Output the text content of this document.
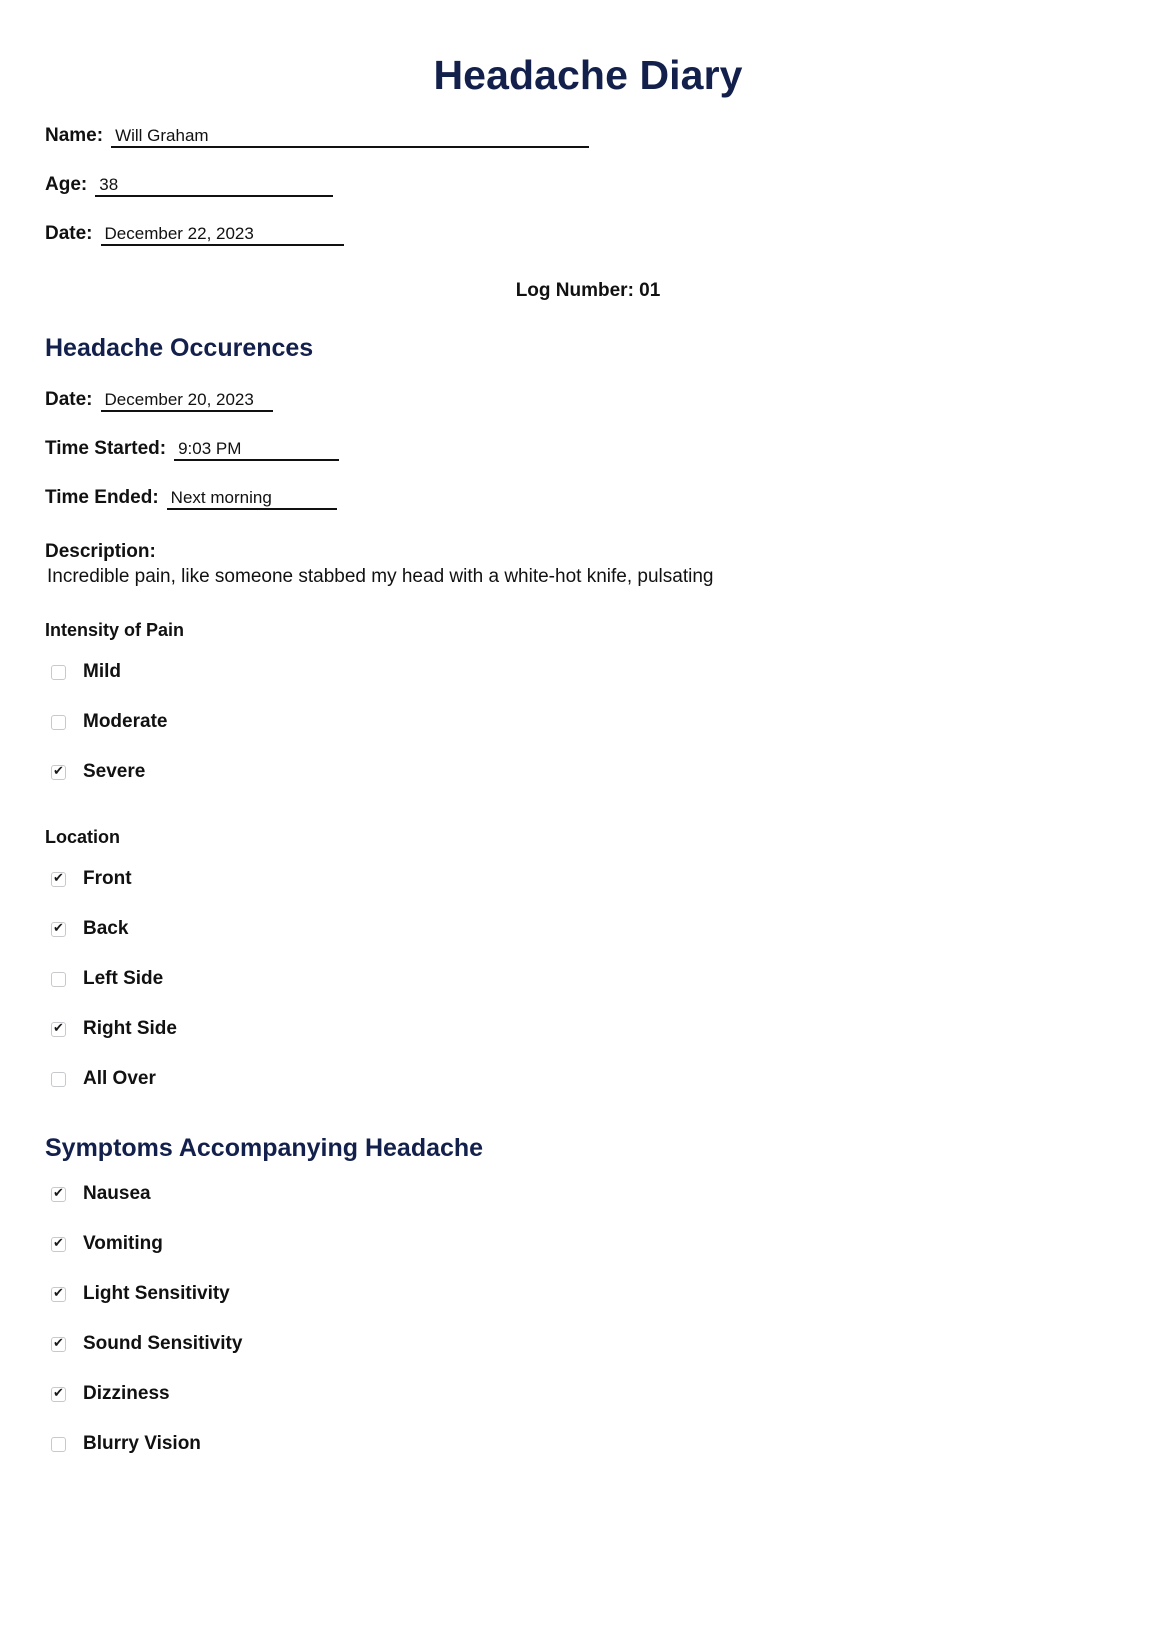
Headache Diary
Name: Will Graham
Age: 38
Date: December 22, 2023
Log Number: 01
Headache Occurences
Date: December 20, 2023
Time Started: 9:03 PM
Time Ended: Next morning
Description:
Incredible pain, like someone stabbed my head with a white-hot knife, pulsating
Intensity of Pain
Mild
Moderate
✔ Severe
Location
✔ Front
✔ Back
Left Side
✔ Right Side
All Over
Symptoms Accompanying Headache
✔ Nausea
✔ Vomiting
✔ Light Sensitivity
✔ Sound Sensitivity
✔ Dizziness
Blurry Vision
